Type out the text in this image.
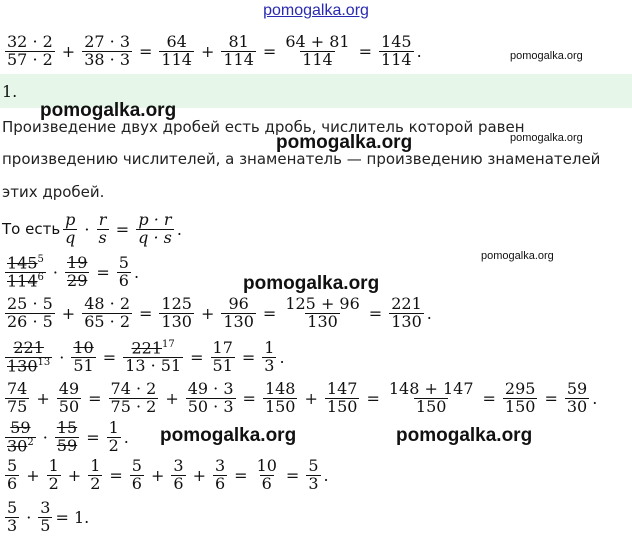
pomogalka.org
$\frac{32 \cdot 2}{57 \cdot 2} + \frac{27 \cdot 3}{38 \cdot 3} = \frac{64}{114} + \frac{81}{114} = \frac{64 + 81}{114} = \frac{145}{114}$ .	pomogalka.org
1.
pomogalka.org
Произведение двух дробей есть дробь, числитель которой равен
pomogalka.org	pomogalka.org
произведению числителей, а знаменатель — произведению знаменателей
этих дробей.
То есть $\frac{p}{q} \cdot \frac{r}{s} = \frac{p \cdot r}{q \cdot s}$ .
$\frac{145^5}{114^6} \cdot \frac{19}{29} = \frac{5}{6}$ .
pomogalka.org
pomogalka.org
$\frac{25 \cdot 5}{26 \cdot 5} + \frac{48 \cdot 2}{65 \cdot 2} = \frac{125}{130} + \frac{96}{130} = \frac{125 + 96}{130} = \frac{221}{130}$ .
$\frac{221}{130^{13}} \cdot \frac{10}{51} = \frac{221^{17}}{13 \cdot 51} = \frac{17}{51} = \frac{1}{3}$ .
$\frac{74}{75} + \frac{49}{50} = \frac{74 \cdot 2}{75 \cdot 2} + \frac{49 \cdot 3}{50 \cdot 3} = \frac{148}{150} + \frac{147}{150} = \frac{148 + 147}{150} = \frac{295}{150} = \frac{59}{30}$ .
$\frac{59}{30^2} \cdot \frac{15}{59} = \frac{1}{2}$ . pomogalka.org	pomogalka.org
$\frac{5}{6} + \frac{1}{2} + \frac{1}{2} = \frac{5}{6} + \frac{3}{6} + \frac{3}{6} = \frac{10}{6} = \frac{5}{3}$ .
$\frac{5}{3} \cdot \frac{3}{5} = 1$.
